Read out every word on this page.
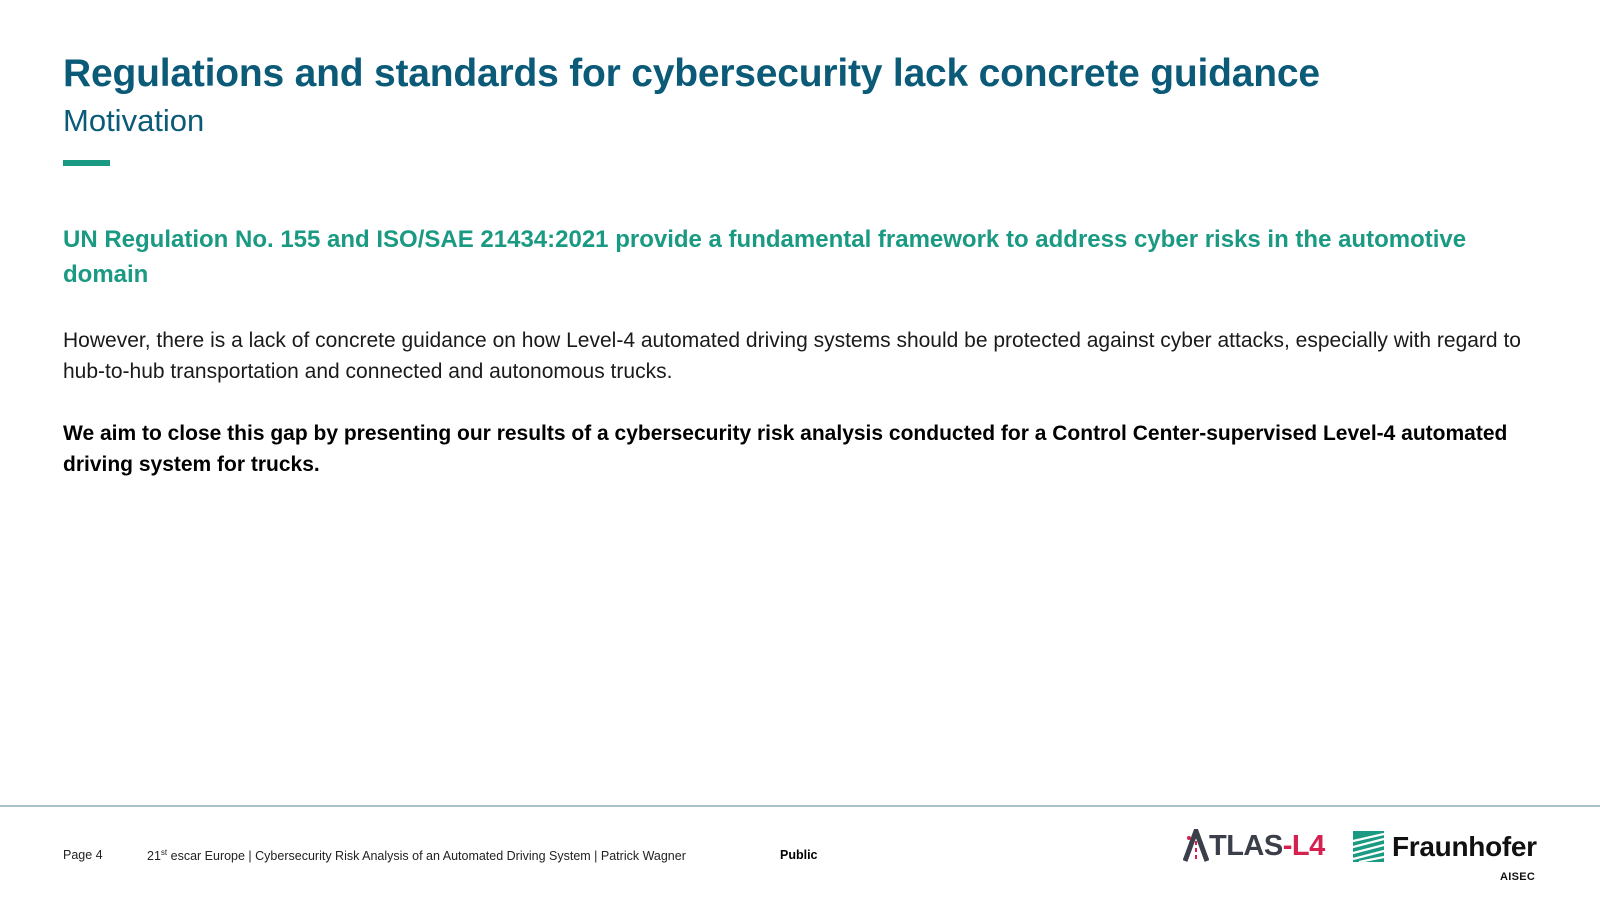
Regulations and standards for cybersecurity lack concrete guidance
Motivation

UN Regulation No. 155 and ISO/SAE 21434:2021 provide a fundamental framework to address cyber risks in the automotive domain

However, there is a lack of concrete guidance on how Level-4 automated driving systems should be protected against cyber attacks, especially with regard to hub-to-hub transportation and connected and autonomous trucks.

We aim to close this gap by presenting our results of a cybersecurity risk analysis conducted for a Control Center-supervised Level-4 automated driving system for trucks.

Page 4	21st escar Europe | Cybersecurity Risk Analysis of an Automated Driving System | Patrick Wagner	Public	TLAS-L4 Fraunhofer
AISEC
